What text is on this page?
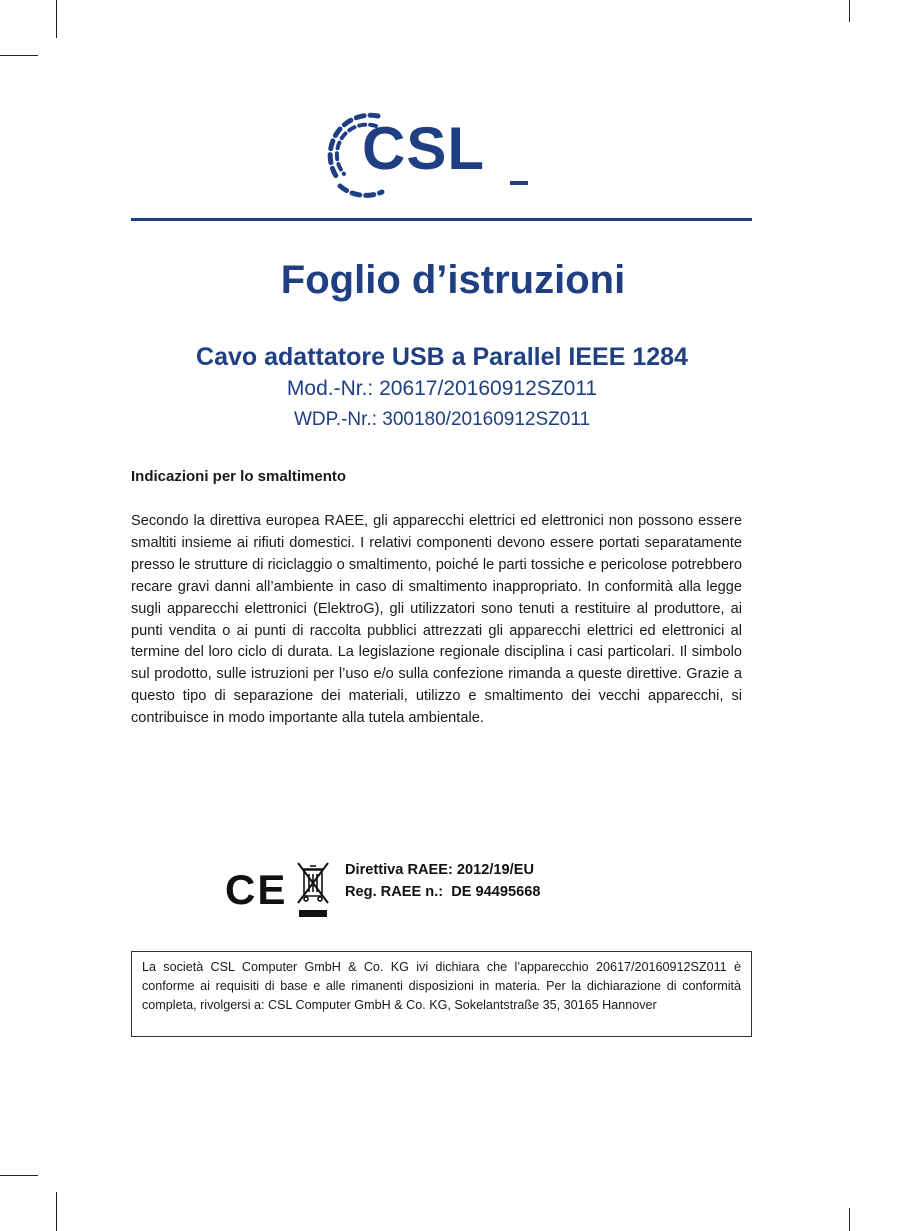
CSL
Foglio d’istruzioni
Cavo adattatore USB a Parallel IEEE 1284
Mod.-Nr.: 20617/20160912SZ011
WDP.-Nr.: 300180/20160912SZ011
Indicazioni per lo smaltimento

Secondo la direttiva europea RAEE, gli apparecchi elettrici ed elettronici non possono essere smaltiti insieme ai rifiuti domestici. I relativi componenti devono essere portati separatamente presso le strutture di riciclaggio o smaltimento, poiché le parti tossiche e pericolose potrebbero recare gravi danni all’ambiente in caso di smaltimento inappropriato. In conformità alla legge sugli apparecchi elettronici (ElektroG), gli utilizzatori sono tenuti a restituire al produttore, ai punti vendita o ai punti di raccolta pubblici attrezzati gli apparecchi elettrici ed elettronici al termine del loro ciclo di durata. La legislazione regionale disciplina i casi particolari. Il simbolo sul prodotto, sulle istruzioni per l’uso e/o sulla confezione rimanda a queste direttive. Grazie a questo tipo di separazione dei materiali, utilizzo e smaltimento dei vecchi apparecchi, si contribuisce in modo importante alla tutela ambientale.

CE	Direttiva RAEE: 2012/19/EU
Reg. RAEE n.:  DE 94495668

La società CSL Computer GmbH & Co. KG ivi dichiara che l’apparecchio 20617/20160912SZ011 è conforme ai requisiti di base e alle rimanenti disposizioni in materia. Per la dichiarazione di conformità completa, rivolgersi a: CSL Computer GmbH & Co. KG, Sokelantstraße 35, 30165 Hannover
